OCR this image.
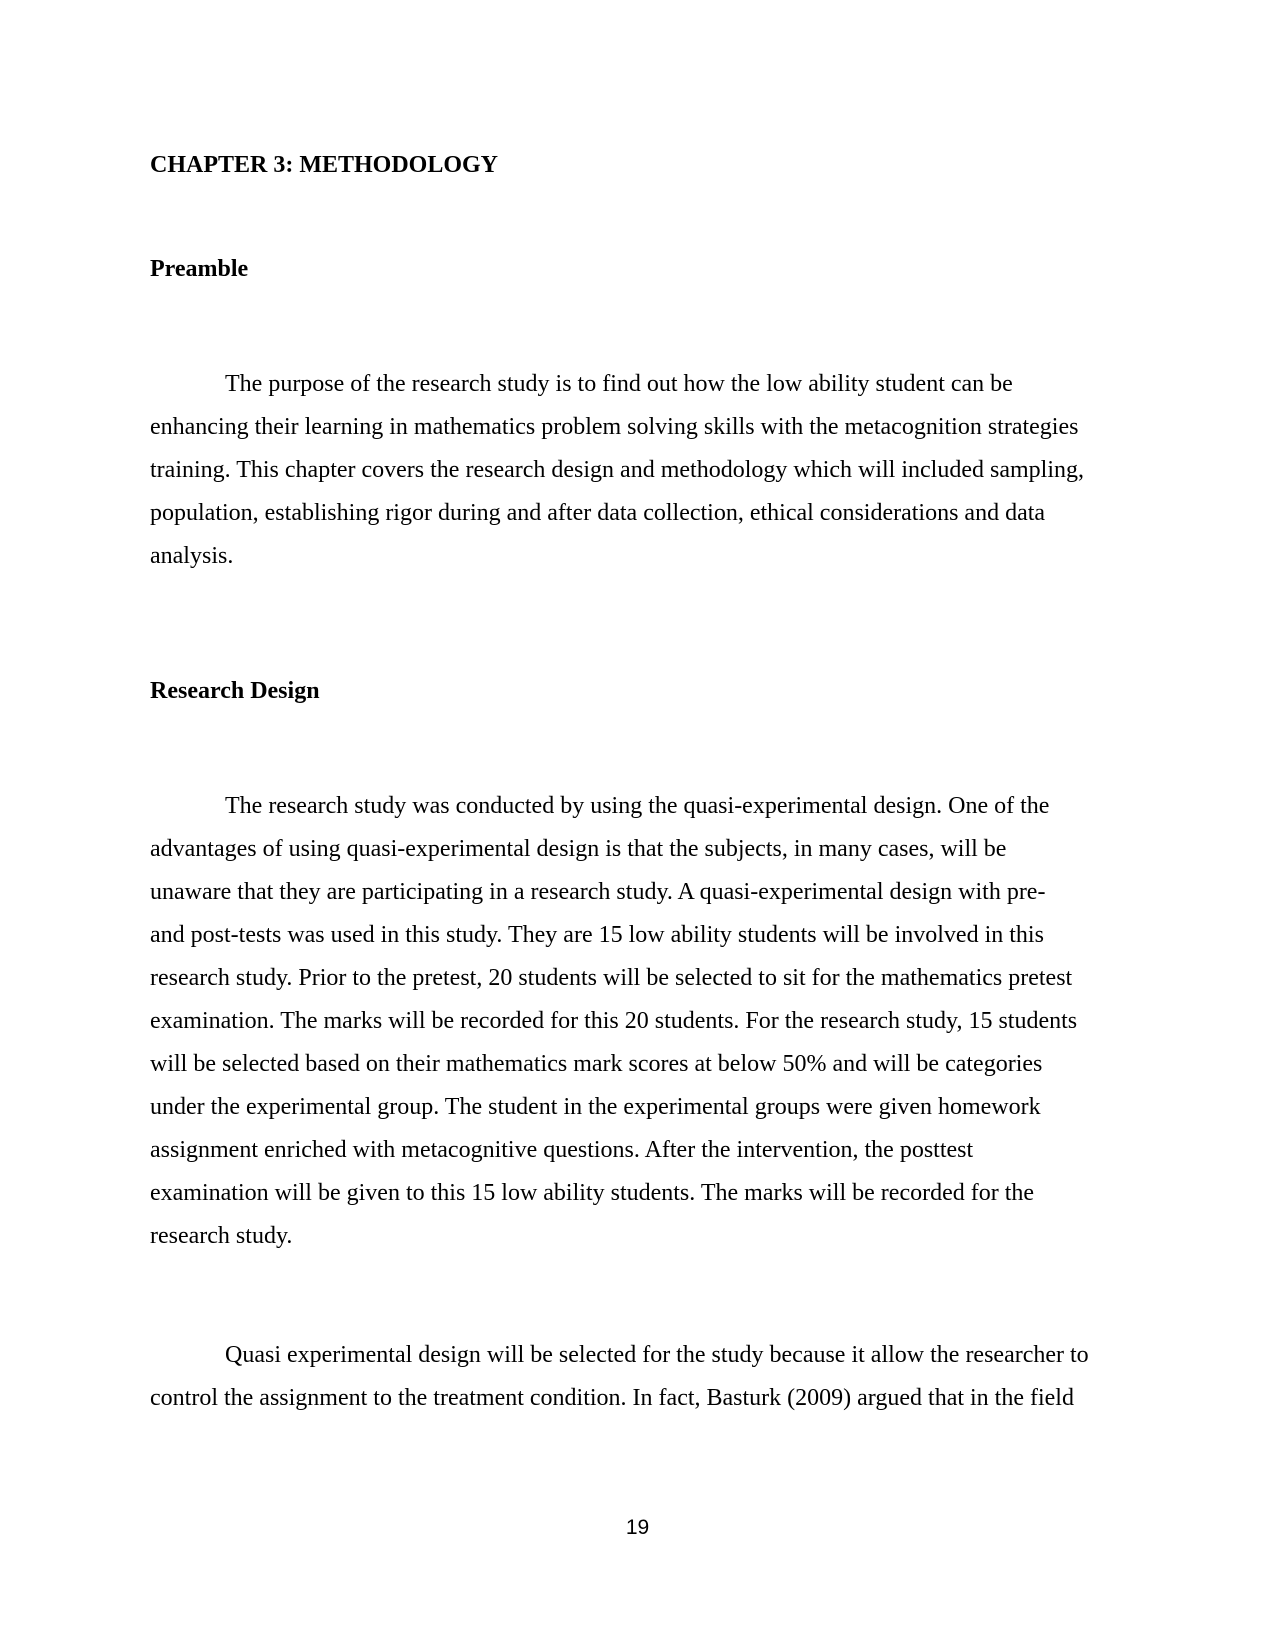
CHAPTER 3: METHODOLOGY
Preamble

The purpose of the research study is to find out how the low ability student can be
enhancing their learning in mathematics problem solving skills with the metacognition strategies
training. This chapter covers the research design and methodology which will included sampling,
population, establishing rigor during and after data collection, ethical considerations and data
analysis.

Research Design

The research study was conducted by using the quasi-experimental design. One of the
advantages of using quasi-experimental design is that the subjects, in many cases, will be
unaware that they are participating in a research study. A quasi-experimental design with pre-
and post-tests was used in this study. They are 15 low ability students will be involved in this
research study. Prior to the pretest, 20 students will be selected to sit for the mathematics pretest
examination. The marks will be recorded for this 20 students. For the research study, 15 students
will be selected based on their mathematics mark scores at below 50% and will be categories
under the experimental group. The student in the experimental groups were given homework
assignment enriched with metacognitive questions. After the intervention, the posttest
examination will be given to this 15 low ability students. The marks will be recorded for the
research study.

Quasi experimental design will be selected for the study because it allow the researcher to
control the assignment to the treatment condition. In fact, Basturk (2009) argued that in the field

19
